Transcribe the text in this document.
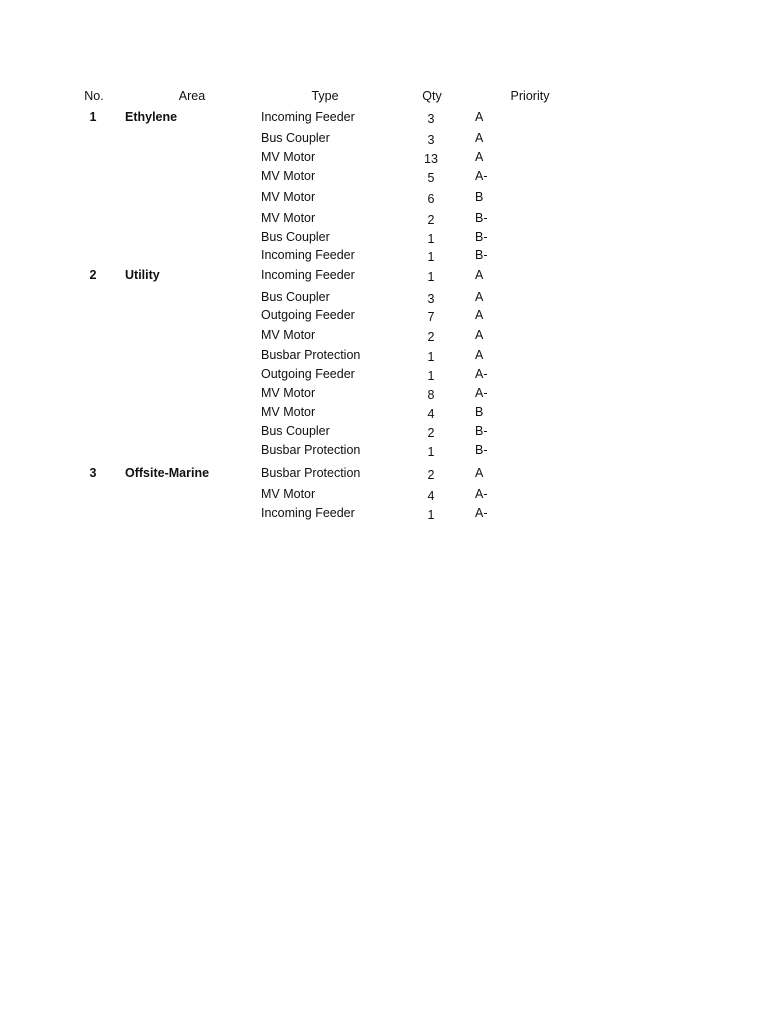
No.	Area	Type	Qty	Priority
1	Ethylene	Incoming Feeder	3	A
Bus Coupler	3	A
MV Motor	13	A
MV Motor	5	A-
MV Motor	6	B
MV Motor	2	B-
Bus Coupler	1	B-
Incoming Feeder	1	B-
2	Utility	Incoming Feeder	1	A
Bus Coupler	3	A
Outgoing Feeder	7	A
MV Motor	2	A
Busbar Protection	1	A
Outgoing Feeder	1	A-
MV Motor	8	A-
MV Motor	4	B
Bus Coupler	2	B-
Busbar Protection	1	B-
3	Offsite-Marine	Busbar Protection	2	A
MV Motor	4	A-
Incoming Feeder	1	A-
